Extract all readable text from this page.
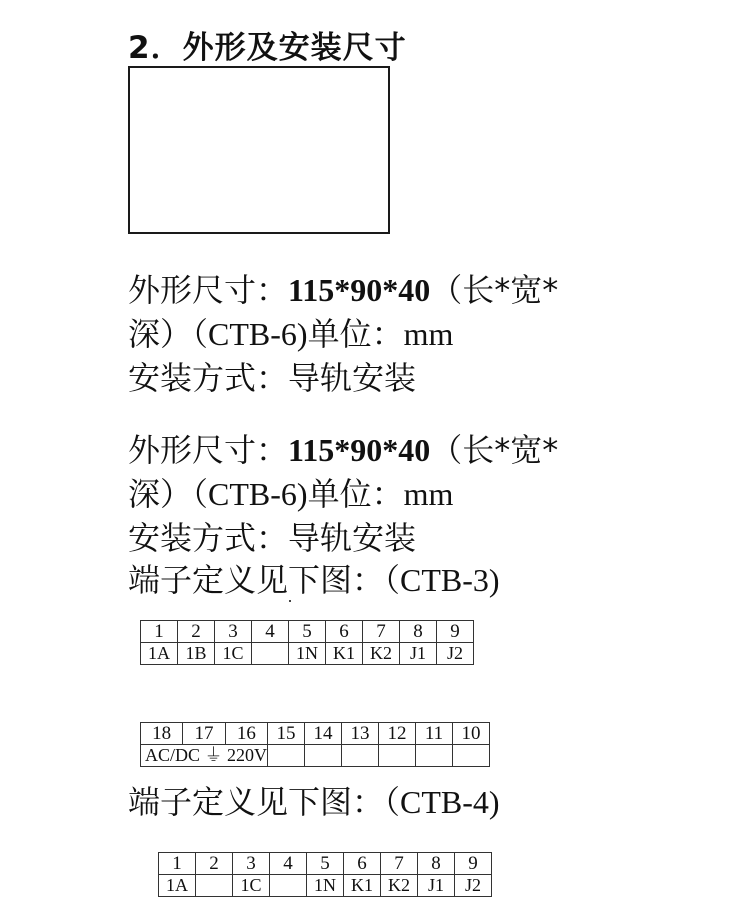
2．外形及安装尺寸
外形尺寸：115*90*40（长*宽*
深）（CTB-6)单位：mm
安装方式：导轨安装
外形尺寸：115*90*40（长*宽*
深）（CTB-6)单位：mm
安装方式：导轨安装
端子定义见下图：（CTB-3)
1	2	3	4	5	6	7	8	9
1A	1B	1C		1N	K1	K2	J1	J2
18	17	16	15	14	13	12	11	10
AC/DC ⏚ 220V								
端子定义见下图：（CTB-4)
1	2	3	4	5	6	7	8	9
1A		1C		1N	K1	K2	J1	J2
